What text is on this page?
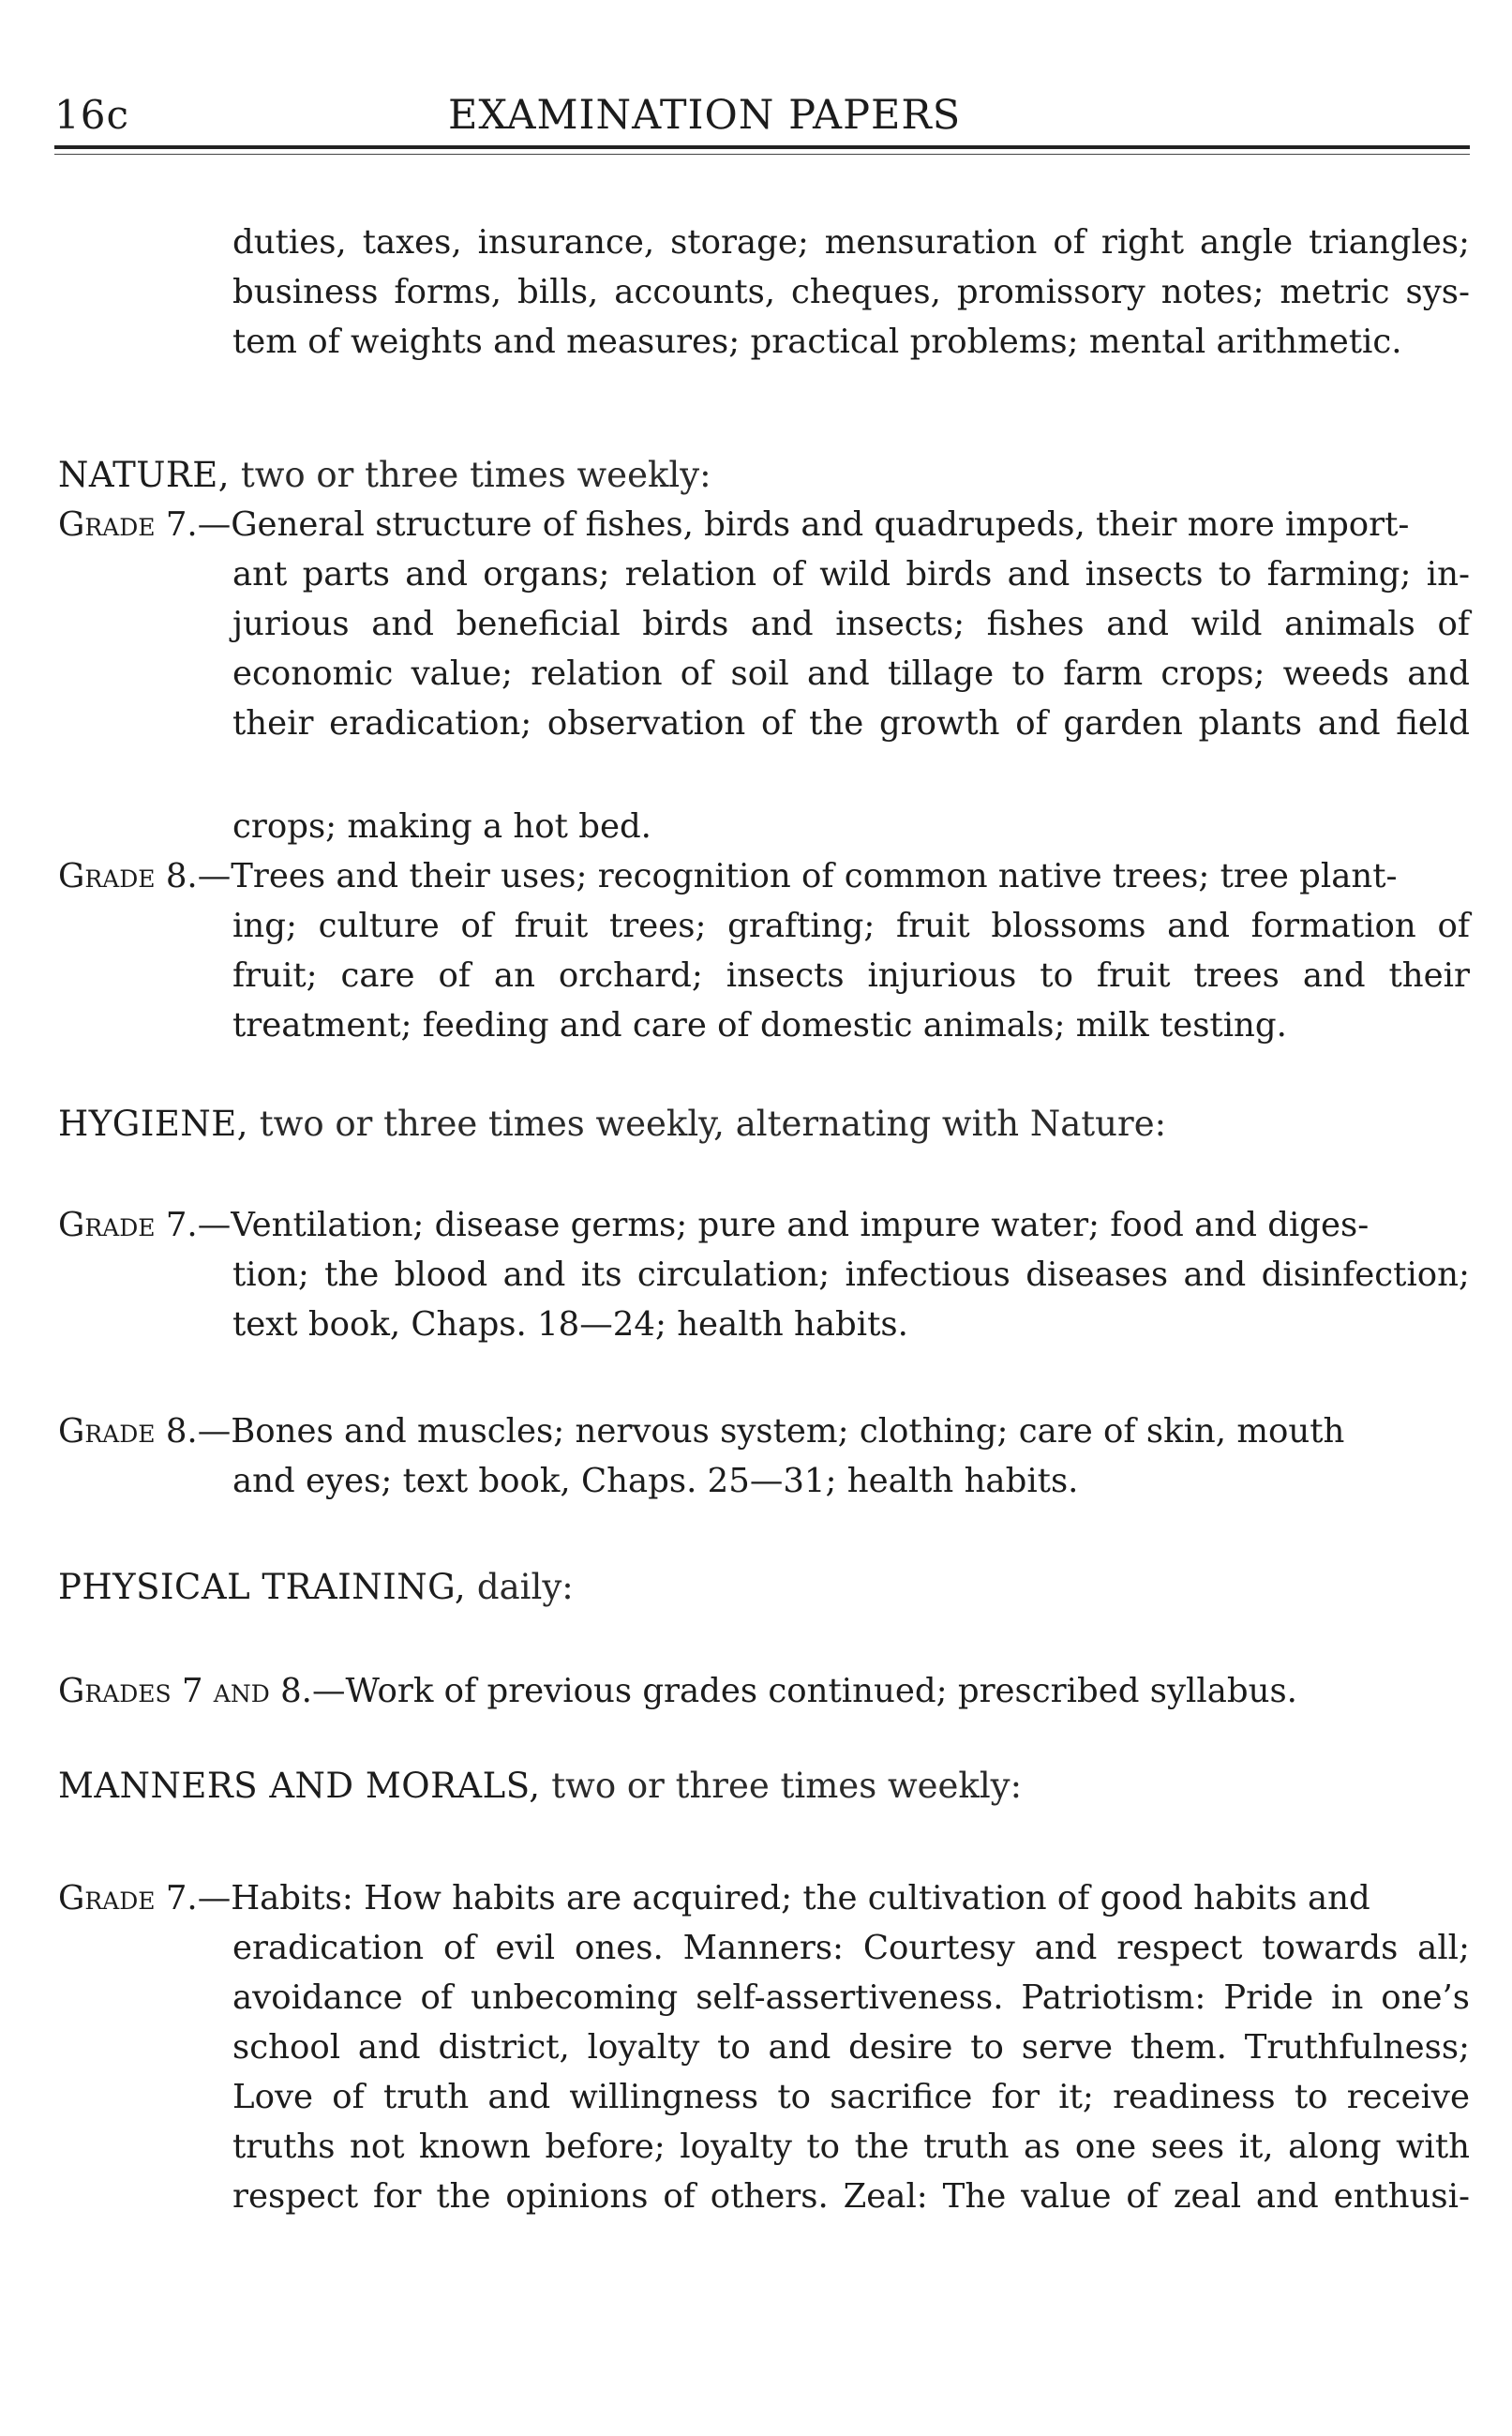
16c	EXAMINATION PAPERS
duties, taxes, insurance, storage; mensuration of right angle triangles;
business forms, bills, accounts, cheques, promissory notes; metric sys-
tem of weights and measures; practical problems; mental arithmetic.
NATURE, two or three times weekly:
Grade 7.—General structure of fishes, birds and quadrupeds, their more import-
ant parts and organs; relation of wild birds and insects to farming; in-
jurious and beneficial birds and insects; fishes and wild animals of
economic value; relation of soil and tillage to farm crops; weeds and
their eradication; observation of the growth of garden plants and field
crops; making a hot bed.
Grade 8.—Trees and their uses; recognition of common native trees; tree plant-
ing; culture of fruit trees; grafting; fruit blossoms and formation of
fruit; care of an orchard; insects injurious to fruit trees and their
treatment; feeding and care of domestic animals; milk testing.
HYGIENE, two or three times weekly, alternating with Nature:
Grade 7.—Ventilation; disease germs; pure and impure water; food and diges-
tion; the blood and its circulation; infectious diseases and disinfection;
text book, Chaps. 18—24; health habits.
Grade 8.—Bones and muscles; nervous system; clothing; care of skin, mouth
and eyes; text book, Chaps. 25—31; health habits.
PHYSICAL TRAINING, daily:
Grades 7 and 8.—Work of previous grades continued; prescribed syllabus.
MANNERS AND MORALS, two or three times weekly:
Grade 7.—Habits: How habits are acquired; the cultivation of good habits and
eradication of evil ones. Manners: Courtesy and respect towards all;
avoidance of unbecoming self-assertiveness. Patriotism: Pride in one’s
school and district, loyalty to and desire to serve them. Truthfulness;
Love of truth and willingness to sacrifice for it; readiness to receive
truths not known before; loyalty to the truth as one sees it, along with
respect for the opinions of others. Zeal: The value of zeal and enthusi-
